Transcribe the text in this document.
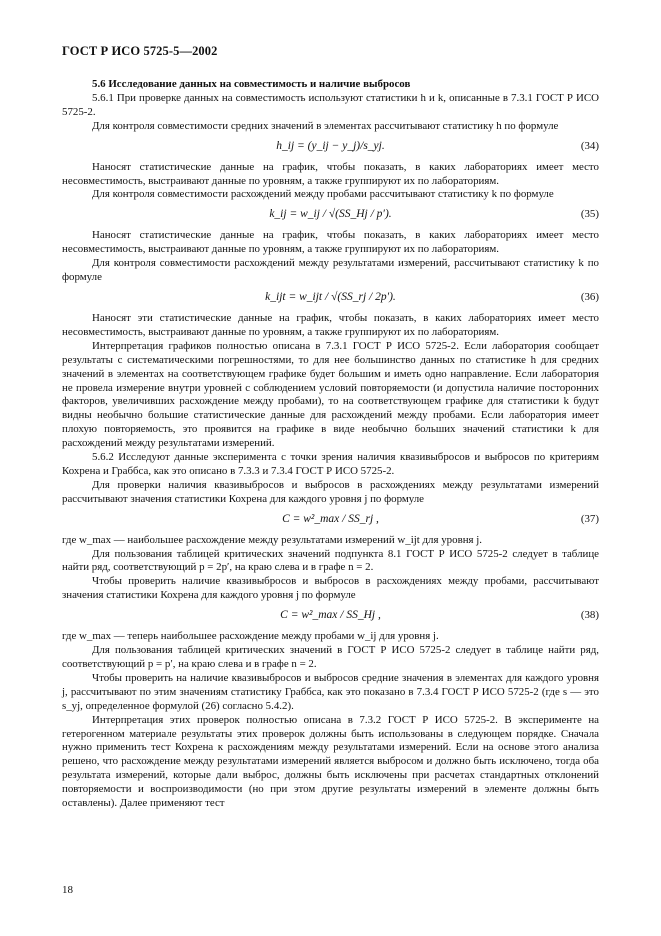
ГОСТ Р ИСО 5725-5—2002

5.6 Исследование данных на совместимость и наличие выбросов

5.6.1 При проверке данных на совместимость используют статистики h и k, описанные в 7.3.1 ГОСТ Р ИСО 5725-2.

Для контроля совместимости средних значений в элементах рассчитывают статистику h по формуле

h_ij = (y_ij − y_j)/s_yj.	(34)

Наносят статистические данные на график, чтобы показать, в каких лабораториях имеет место несовместимость, выстраивают данные по уровням, а также группируют их по лабораториям.

Для контроля совместимости расхождений между пробами рассчитывают статистику k по формуле

k_ij = w_ij / √(SS_Hj / p′).	(35)

Наносят статистические данные на график, чтобы показать, в каких лабораториях имеет место несовместимость, выстраивают данные по уровням, а также группируют их по лабораториям.

Для контроля совместимости расхождений между результатами измерений, рассчитывают статистику k по формуле

k_ijt = w_ijt / √(SS_rj / 2p′).	(36)

Наносят эти статистические данные на график, чтобы показать, в каких лабораториях имеет место несовместимость, выстраивают данные по уровням, а также группируют их по лабораториям.

Интерпретация графиков полностью описана в 7.3.1 ГОСТ Р ИСО 5725-2. Если лаборатория сообщает результаты с систематическими погрешностями, то для нее большинство данных по статистике h для средних значений в элементах на соответствующем графике будет большим и иметь одно направление. Если лаборатория не провела измерение внутри уровней с соблюдением условий повторяемости (и допустила наличие посторонних факторов, увеличивших расхождение между пробами), то на соответствующем графике для статистики k будут видны необычно большие статистические данные для расхождений между пробами. Если лаборатория имеет плохую повторяемость, это проявится на графике в виде необычно больших значений статистики k для расхождений между результатами измерений.

5.6.2 Исследуют данные эксперимента с точки зрения наличия квазивыбросов и выбросов по критериям Кохрена и Граббса, как это описано в 7.3.3 и 7.3.4 ГОСТ Р ИСО 5725-2.

Для проверки наличия квазивыбросов и выбросов в расхождениях между результатами измерений рассчитывают значения статистики Кохрена для каждого уровня j по формуле

C = w²_max / SS_rj ,	(37)

где w_max — наибольшее расхождение между результатами измерений w_ijt для уровня j.

Для пользования таблицей критических значений подпункта 8.1 ГОСТ Р ИСО 5725-2 следует в таблице найти ряд, соответствующий p = 2p′, на краю слева и в графе n = 2.

Чтобы проверить наличие квазивыбросов и выбросов в расхождениях между пробами, рассчитывают значения статистики Кохрена для каждого уровня j по формуле

C = w²_max / SS_Hj ,	(38)

где w_max — теперь наибольшее расхождение между пробами w_ij для уровня j.

Для пользования таблицей критических значений в ГОСТ Р ИСО 5725-2 следует в таблице найти ряд, соответствующий p = p′, на краю слева и в графе n = 2.

Чтобы проверить на наличие квазивыбросов и выбросов средние значения в элементах для каждого уровня j, рассчитывают по этим значениям статистику Граббса, как это показано в 7.3.4 ГОСТ Р ИСО 5725-2 (где s — это s_yj, определенное формулой (26) согласно 5.4.2).

Интерпретация этих проверок полностью описана в 7.3.2 ГОСТ Р ИСО 5725-2. В эксперименте на гетерогенном материале результаты этих проверок должны быть использованы в следующем порядке. Сначала нужно применить тест Кохрена к расхождениям между результатами измерений. Если на основе этого анализа решено, что расхождение между результатами измерений является выбросом и должно быть исключено, тогда оба результата измерений, которые дали выброс, должны быть исключены при расчетах стандартных отклонений повторяемости и воспроизводимости (но при этом другие результаты измерений в элементе должны быть оставлены). Далее применяют тест

18
